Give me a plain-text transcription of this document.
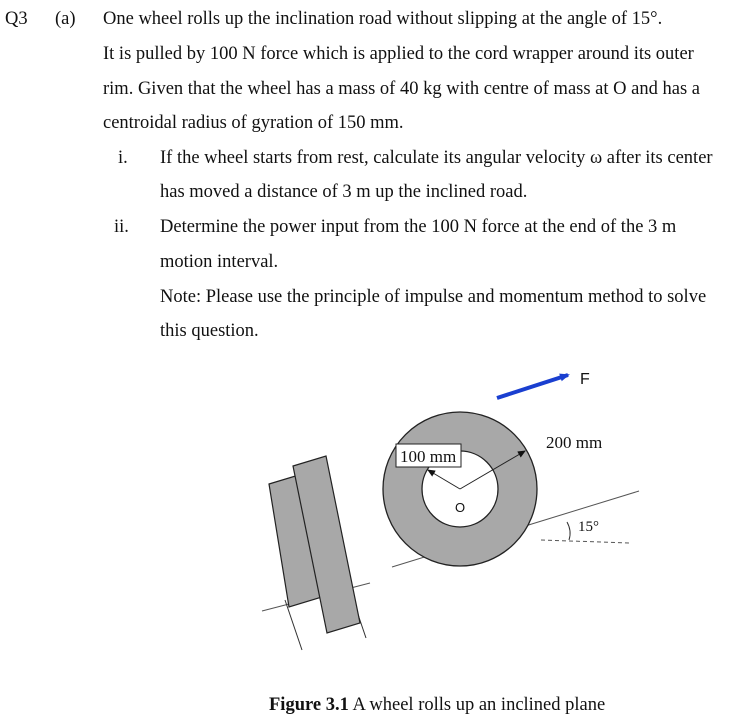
Q3 (a) One wheel rolls up the inclination road without slipping at the angle of 15°.
It is pulled by 100 N force which is applied to the cord wrapper around its outer
rim. Given that the wheel has a mass of 40 kg with centre of mass at O and has a
centroidal radius of gyration of 150 mm.
i. If the wheel starts from rest, calculate its angular velocity ω after its center
has moved a distance of 3 m up the inclined road.
ii. Determine the power input from the 100 N force at the end of the 3 m
motion interval.
Note: Please use the principle of impulse and momentum method to solve
this question.
F
200 mm
100 mm
O
15°
Figure 3.1 A wheel rolls up an inclined plane
